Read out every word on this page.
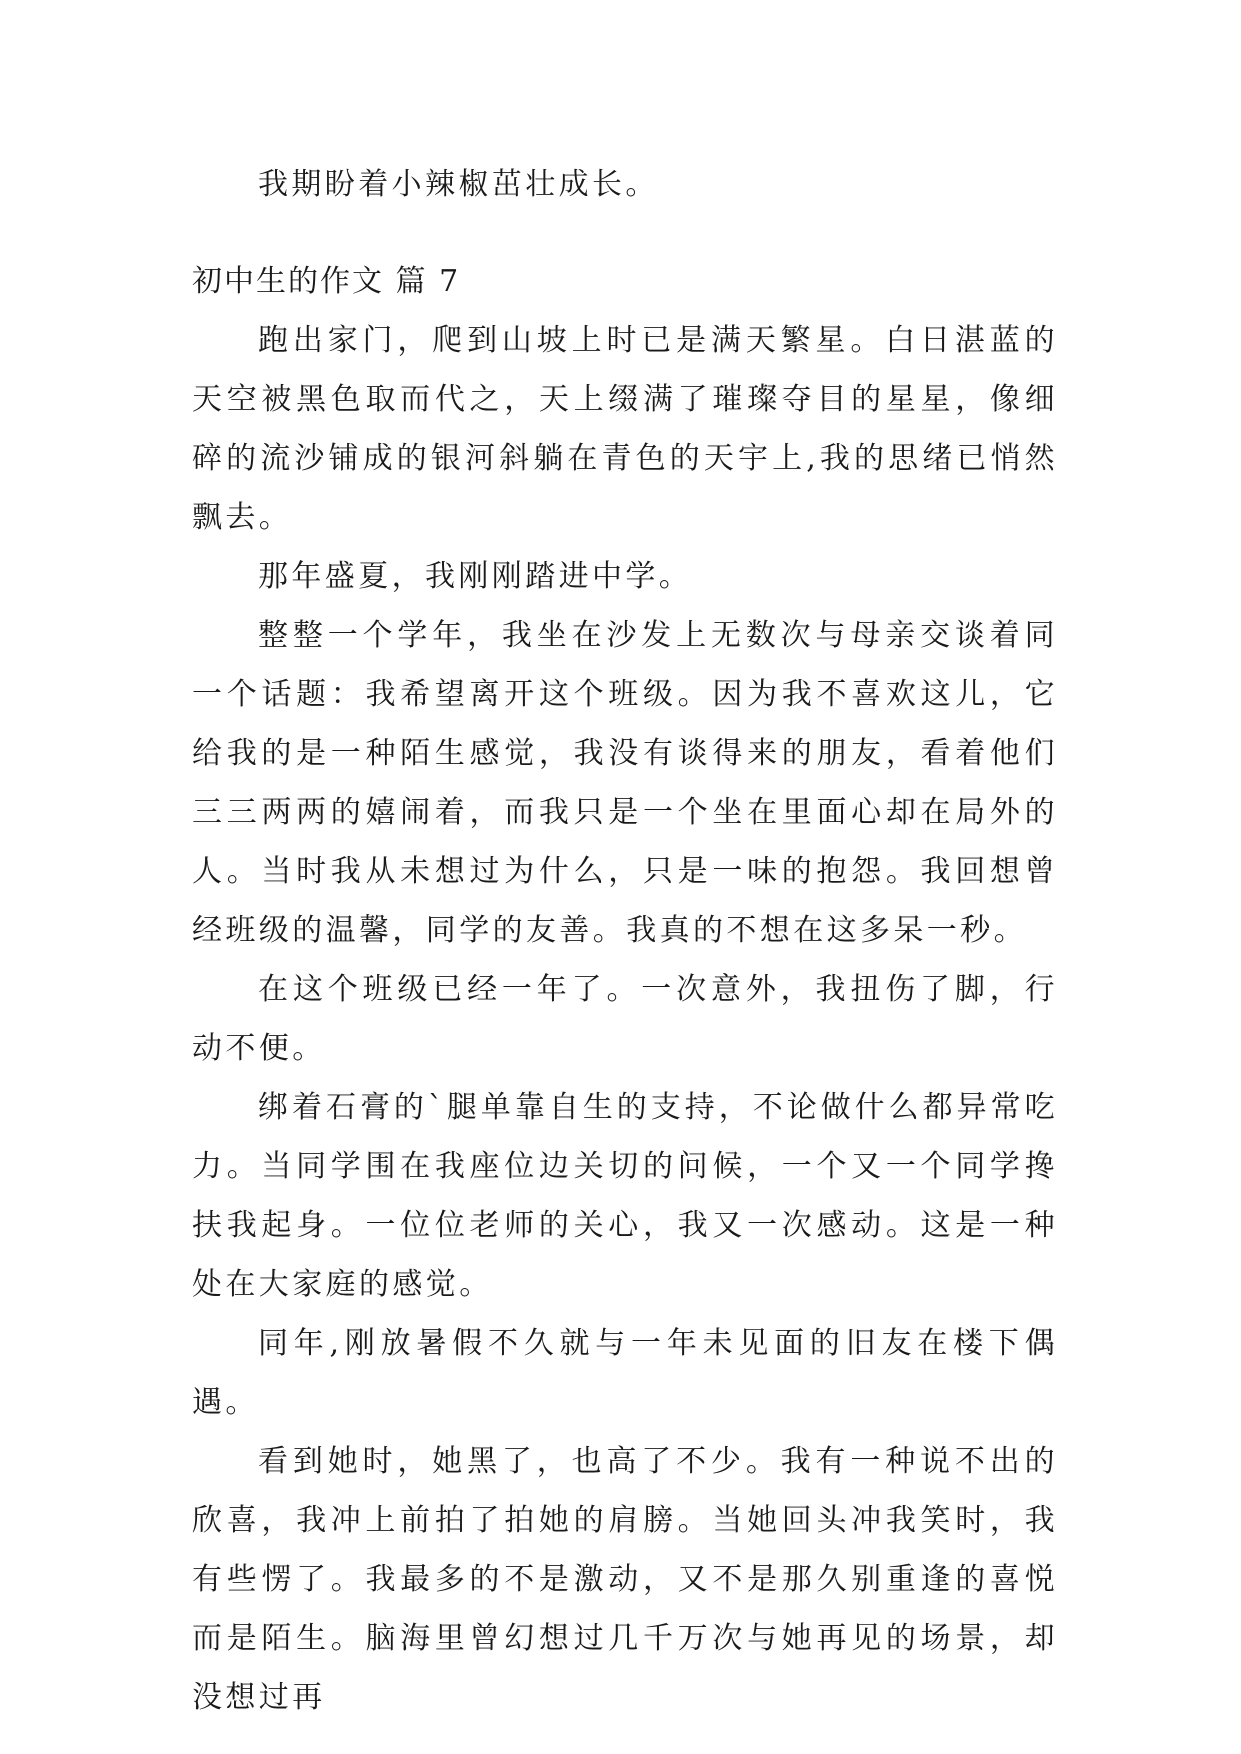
我期盼着小辣椒茁壮成长。

初中生的作文 篇 7

跑出家门，爬到山坡上时已是满天繁星。白日湛蓝的天空被黑色取而代之，天上缀满了璀璨夺目的星星，像细碎的流沙铺成的银河斜躺在青色的天宇上,我的思绪已悄然飘去。

那年盛夏，我刚刚踏进中学。

整整一个学年，我坐在沙发上无数次与母亲交谈着同一个话题：我希望离开这个班级。因为我不喜欢这儿，它给我的是一种陌生感觉，我没有谈得来的朋友，看着他们三三两两的嬉闹着，而我只是一个坐在里面心却在局外的人。当时我从未想过为什么，只是一味的抱怨。我回想曾经班级的温馨，同学的友善。我真的不想在这多呆一秒。

在这个班级已经一年了。一次意外，我扭伤了脚，行动不便。

绑着石膏的`腿单靠自生的支持，不论做什么都异常吃力。当同学围在我座位边关切的问候，一个又一个同学搀扶我起身。一位位老师的关心，我又一次感动。这是一种处在大家庭的感觉。

同年,刚放暑假不久就与一年未见面的旧友在楼下偶遇。

看到她时，她黑了，也高了不少。我有一种说不出的欣喜，我冲上前拍了拍她的肩膀。当她回头冲我笑时，我有些愣了。我最多的不是激动，又不是那久别重逢的喜悦而是陌生。脑海里曾幻想过几千万次与她再见的场景，却没想过再
